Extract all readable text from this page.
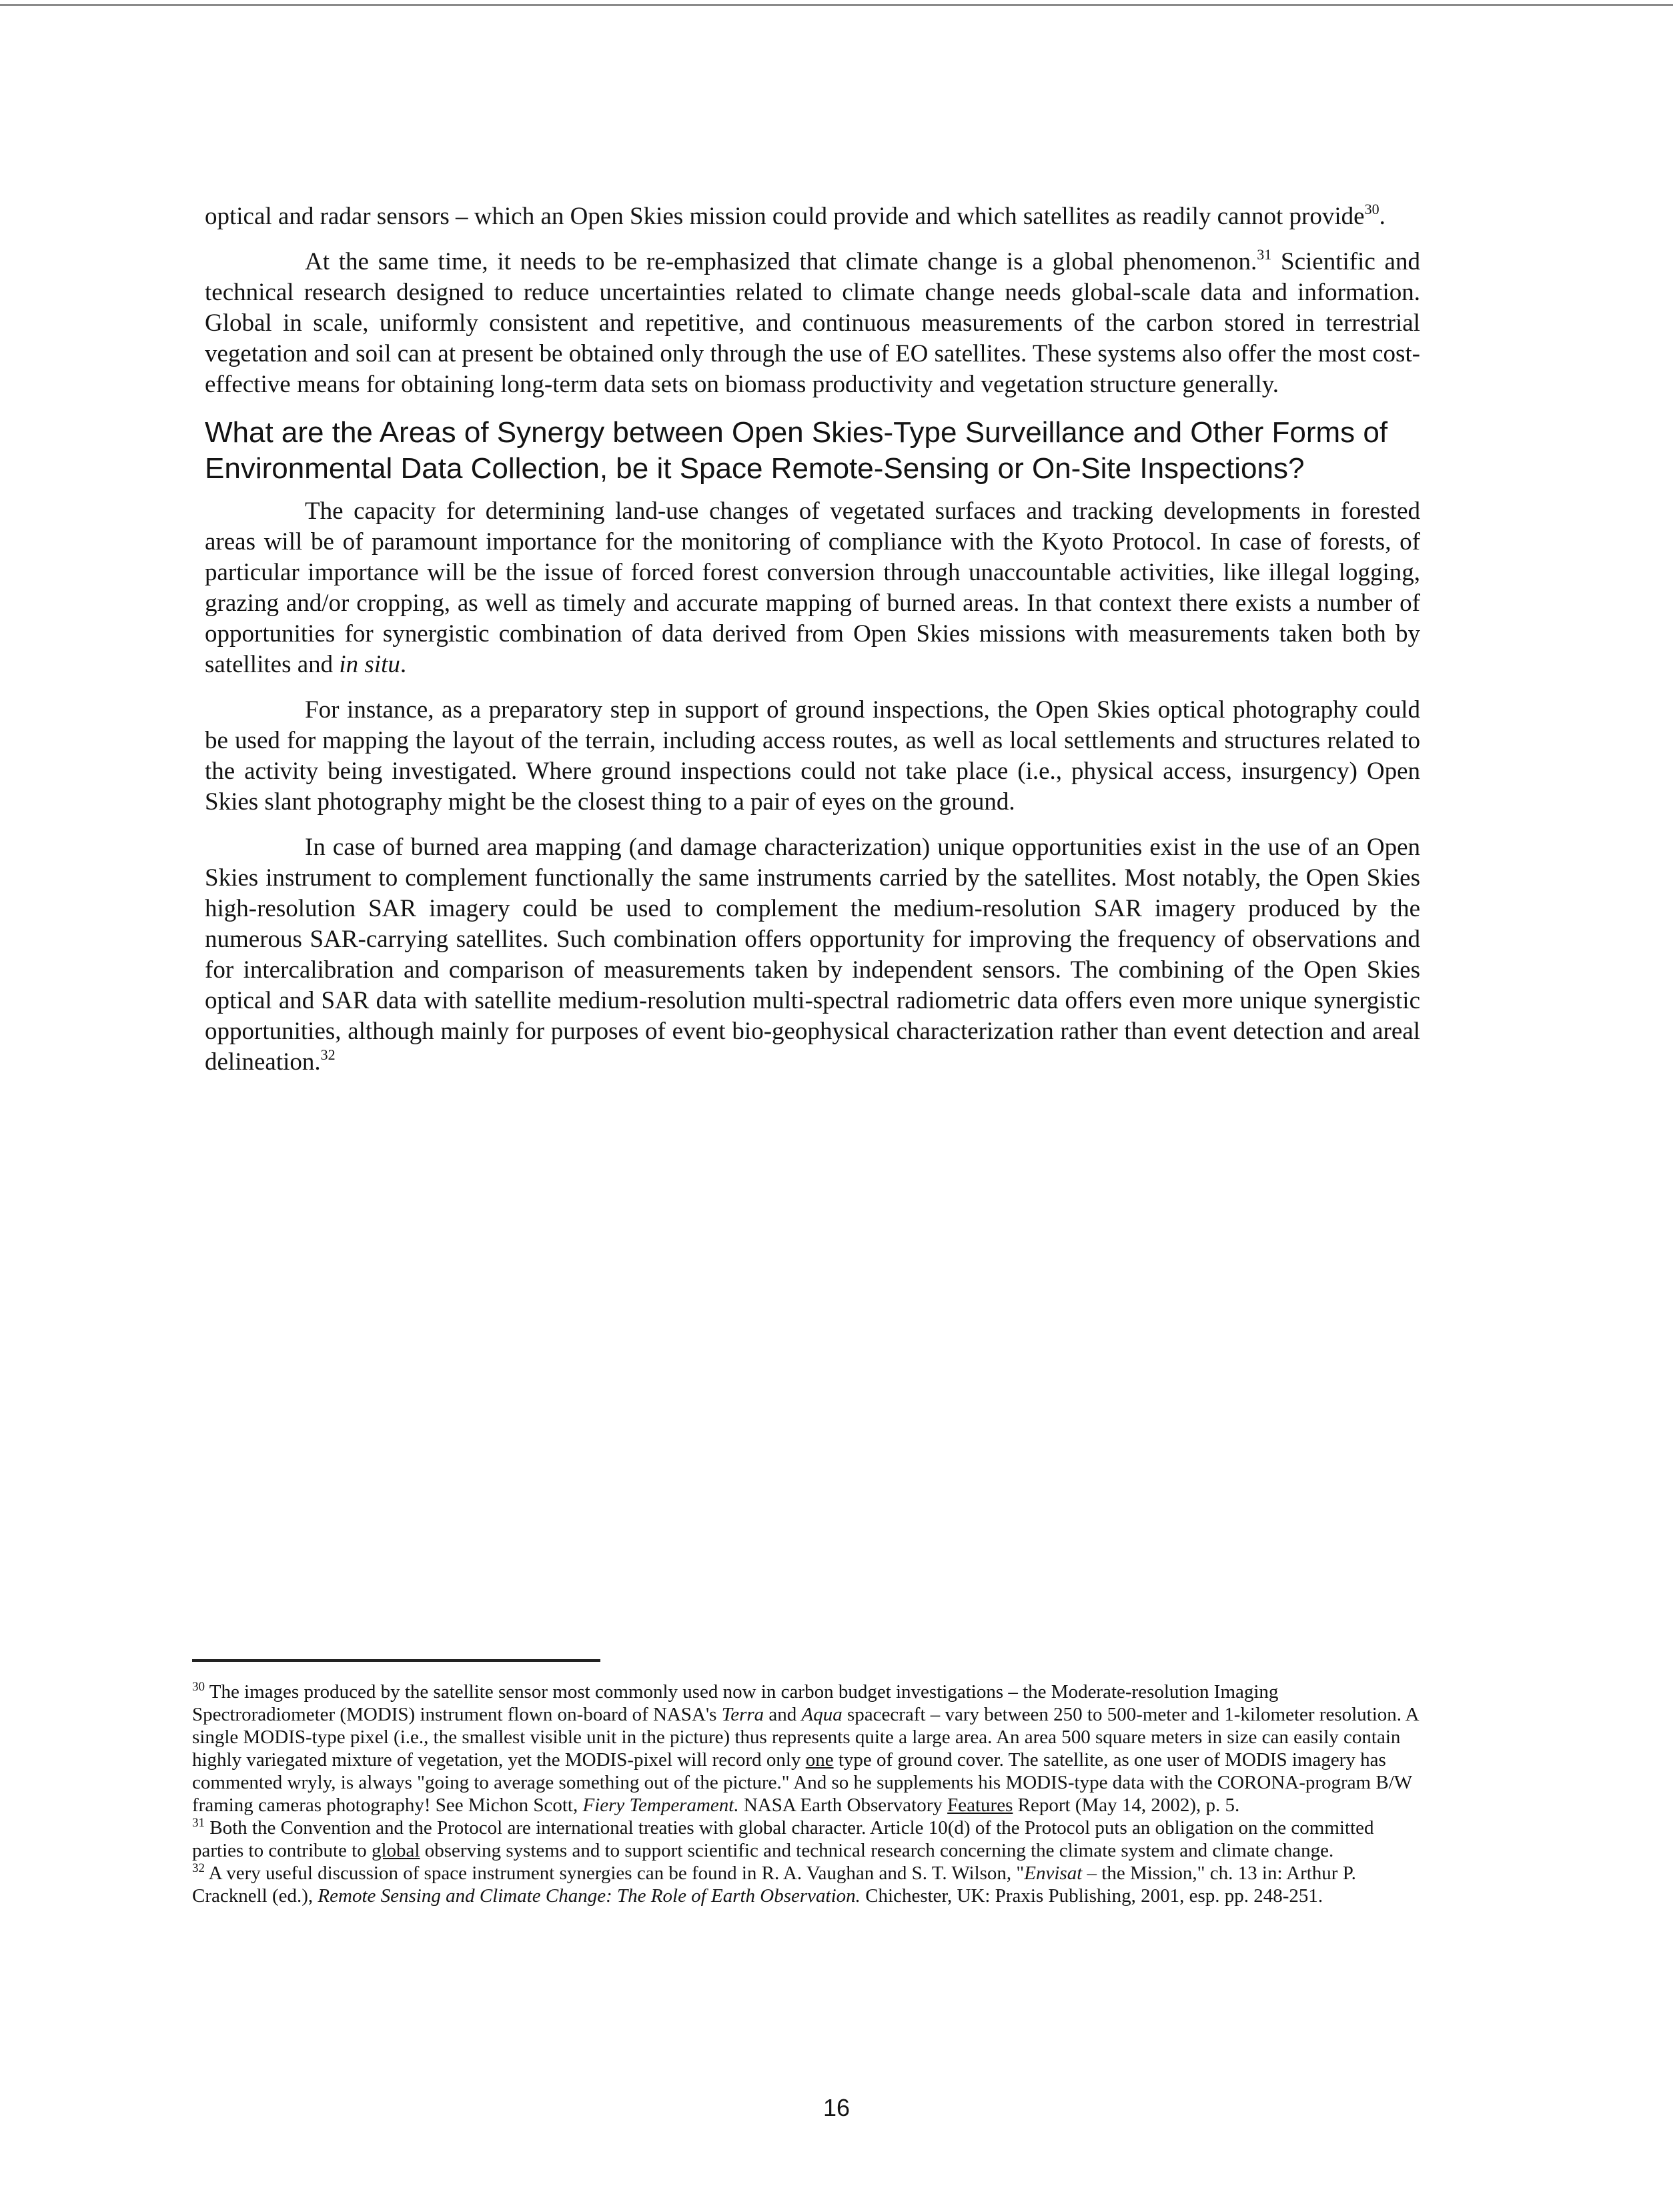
optical and radar sensors – which an Open Skies mission could provide and which satellites as readily cannot provide$^{30}$.

At the same time, it needs to be re-emphasized that climate change is a global phenomenon.$^{31}$ Scientific and technical research designed to reduce uncertainties related to climate change needs global-scale data and information. Global in scale, uniformly consistent and repetitive, and continuous measurements of the carbon stored in terrestrial vegetation and soil can at present be obtained only through the use of EO satellites. These systems also offer the most cost-effective means for obtaining long-term data sets on biomass productivity and vegetation structure generally.

What are the Areas of Synergy between Open Skies-Type Surveillance and Other Forms of Environmental Data Collection, be it Space Remote-Sensing or On-Site Inspections?

The capacity for determining land-use changes of vegetated surfaces and tracking developments in forested areas will be of paramount importance for the monitoring of compliance with the Kyoto Protocol. In case of forests, of particular importance will be the issue of forced forest conversion through unaccountable activities, like illegal logging, grazing and/or cropping, as well as timely and accurate mapping of burned areas. In that context there exists a number of opportunities for synergistic combination of data derived from Open Skies missions with measurements taken both by satellites and in situ.

For instance, as a preparatory step in support of ground inspections, the Open Skies optical photography could be used for mapping the layout of the terrain, including access routes, as well as local settlements and structures related to the activity being investigated. Where ground inspections could not take place (i.e., physical access, insurgency) Open Skies slant photography might be the closest thing to a pair of eyes on the ground.

In case of burned area mapping (and damage characterization) unique opportunities exist in the use of an Open Skies instrument to complement functionally the same instruments carried by the satellites. Most notably, the Open Skies high-resolution SAR imagery could be used to complement the medium-resolution SAR imagery produced by the numerous SAR-carrying satellites. Such combination offers opportunity for improving the frequency of observations and for intercalibration and comparison of measurements taken by independent sensors. The combining of the Open Skies optical and SAR data with satellite medium-resolution multi-spectral radiometric data offers even more unique synergistic opportunities, although mainly for purposes of event bio-geophysical characterization rather than event detection and areal delineation.$^{32}$

$^{30}$ The images produced by the satellite sensor most commonly used now in carbon budget investigations – the Moderate-resolution Imaging Spectroradiometer (MODIS) instrument flown on-board of NASA's Terra and Aqua spacecraft – vary between 250 to 500-meter and 1-kilometer resolution. A single MODIS-type pixel (i.e., the smallest visible unit in the picture) thus represents quite a large area. An area 500 square meters in size can easily contain highly variegated mixture of vegetation, yet the MODIS-pixel will record only one type of ground cover. The satellite, as one user of MODIS imagery has commented wryly, is always "going to average something out of the picture." And so he supplements his MODIS-type data with the CORONA-program B/W framing cameras photography! See Michon Scott, Fiery Temperament. NASA Earth Observatory Features Report (May 14, 2002), p. 5.

$^{31}$ Both the Convention and the Protocol are international treaties with global character. Article 10(d) of the Protocol puts an obligation on the committed parties to contribute to global observing systems and to support scientific and technical research concerning the climate system and climate change.

$^{32}$ A very useful discussion of space instrument synergies can be found in R. A. Vaughan and S. T. Wilson, "Envisat – the Mission," ch. 13 in: Arthur P. Cracknell (ed.), Remote Sensing and Climate Change: The Role of Earth Observation. Chichester, UK: Praxis Publishing, 2001, esp. pp. 248-251.

16
